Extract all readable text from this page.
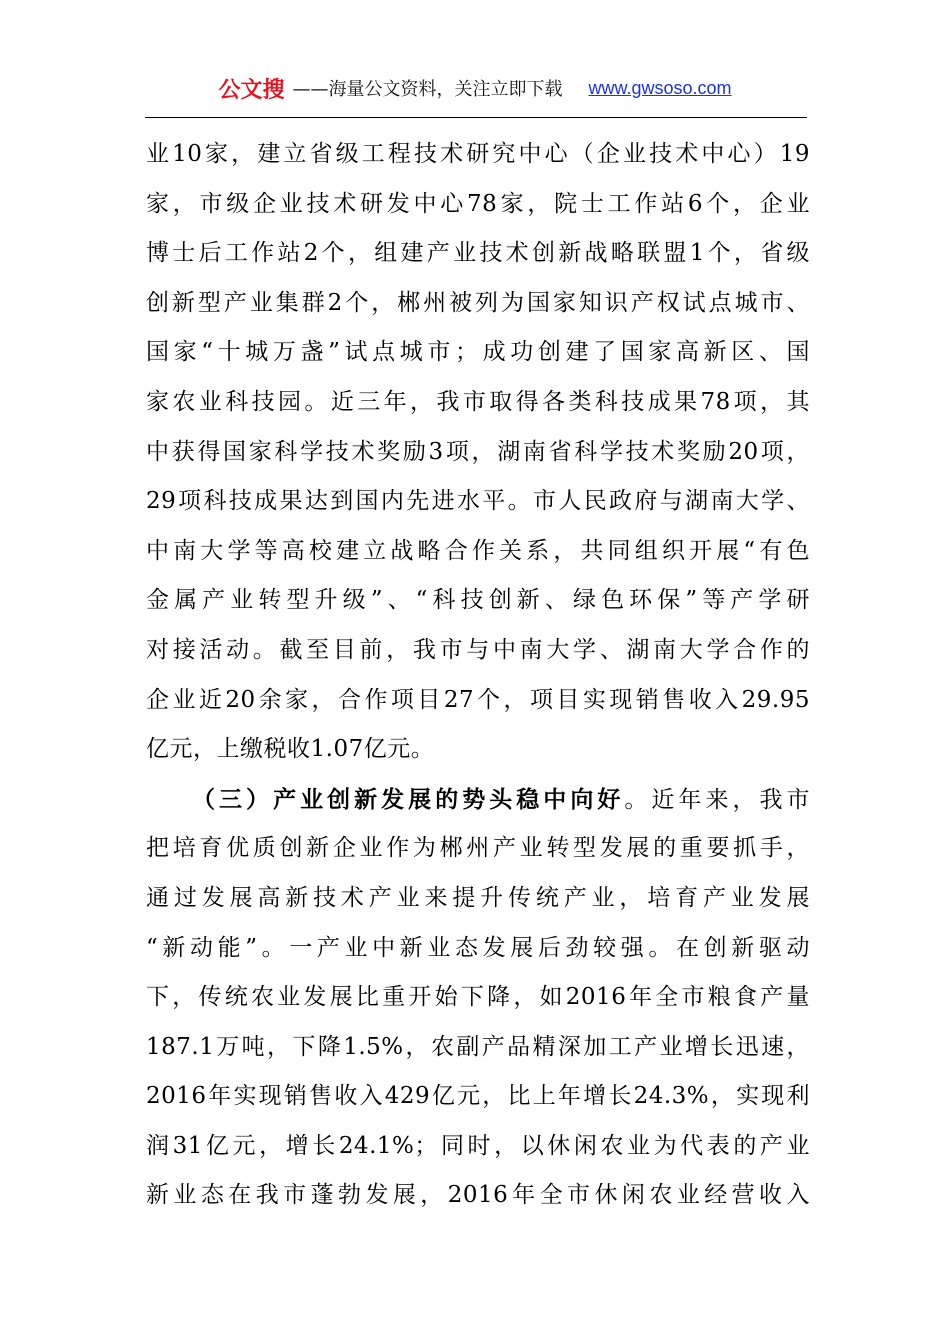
公文搜 ——海量公文资料，关注立即下载 www.gwsoso.com
业10家，建立省级工程技术研究中心（企业技术中心）19
家，市级企业技术研发中心78家，院士工作站6个，企业
博士后工作站2个，组建产业技术创新战略联盟1个，省级
创新型产业集群2个，郴州被列为国家知识产权试点城市、
国家“十城万盏”试点城市；成功创建了国家高新区、国
家农业科技园。近三年，我市取得各类科技成果78项，其
中获得国家科学技术奖励3项，湖南省科学技术奖励20项，
29项科技成果达到国内先进水平。市人民政府与湖南大学、
中南大学等高校建立战略合作关系，共同组织开展“有色
金属产业转型升级”、“科技创新、绿色环保”等产学研
对接活动。截至目前，我市与中南大学、湖南大学合作的
企业近20余家，合作项目27个，项目实现销售收入29.95
亿元，上缴税收1.07亿元。
（三）产业创新发展的势头稳中向好。近年来，我市
把培育优质创新企业作为郴州产业转型发展的重要抓手，
通过发展高新技术产业来提升传统产业，培育产业发展
“新动能”。一产业中新业态发展后劲较强。在创新驱动
下，传统农业发展比重开始下降，如2016年全市粮食产量
187.1万吨，下降1.5%，农副产品精深加工产业增长迅速，
2016年实现销售收入429亿元，比上年增长24.3%，实现利
润31亿元，增长24.1%；同时，以休闲农业为代表的产业
新业态在我市蓬勃发展，2016年全市休闲农业经营收入
